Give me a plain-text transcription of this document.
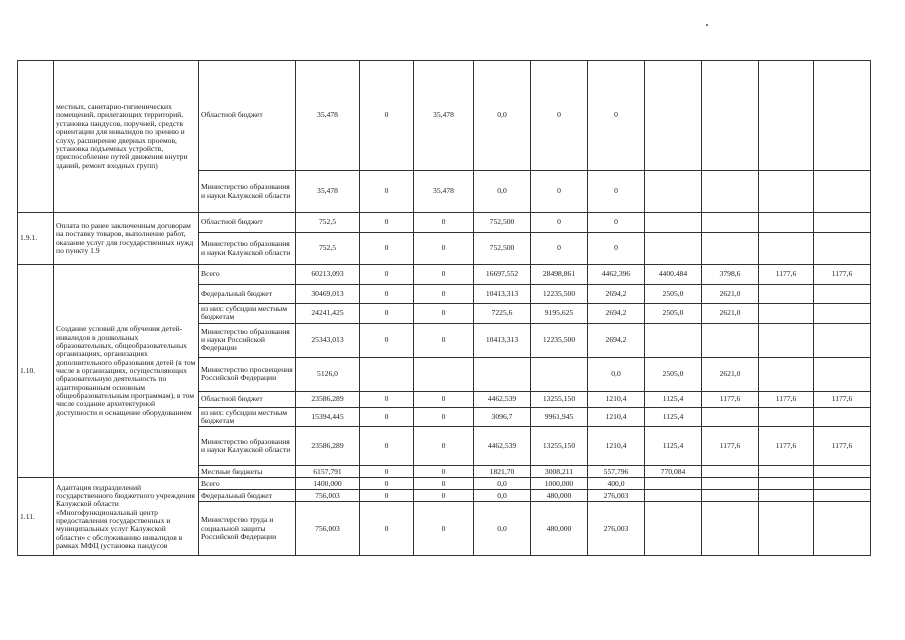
	местных, санитарно-гигиенических помещений, прилегающих территорий, установка пандусов, поручней, средств ориентации для инвалидов по зрению и слуху, расширение дверных проемов, установка подъемных устройств, приспособление путей движения внутри зданий, ремонт входных групп)	Областной бюджет	35,478	0	35,478	0,0	0	0				
		Министерство образования и науки Калужской области	35,478	0	35,478	0,0	0	0				
1.9.1.	Оплата по ранее заключенным договорам на поставку товаров, выполнение работ, оказание услуг для государственных нужд по пункту 1.9	Областной бюджет	752,5	0	0	752,500	0	0				
		Министерство образования и науки Калужской области	752,5	0	0	752,500	0	0				
1.10.	Создание условий для обучения детей-инвалидов в дошкольных образовательных, общеобразовательных организациях, организациях дополнительного образования детей (в том числе в организациях, осуществляющих образовательную деятельность по адаптированным основным общеобразовательным программам), в том числе создание архитектурной доступности и оснащение оборудованием	Всего	60213,093	0	0	16697,552	28498,861	4462,396	4400,484	3798,6	1177,6	1177,6
		Федеральный бюджет	30469,013	0	0	10413,313	12235,500	2694,2	2505,0	2621,0		
		из них: субсидии местным бюджетам	24241,425	0	0	7225,6	9195,625	2694,2	2505,0	2621,0		
		Министерство образования и науки Российской Федерации	25343,013	0	0	10413,313	12235,500	2694,2				
		Министерство просвещения Российской Федерации	5126,0					0,0	2505,0	2621,0		
		Областной бюджет	23586,289	0	0	4462,539	13255,150	1210,4	1125,4	1177,6	1177,6	1177,6
		из них: субсидии местным бюджетам	15394,445	0	0	3096,7	9961,945	1210,4	1125,4			
		Министерство образования и науки Калужской области	23586,289	0	0	4462,539	13255,150	1210,4	1125,4	1177,6	1177,6	1177,6
		Местные бюджеты	6157,791	0	0	1821,70	3008,211	557,796	770,084			
1.11.	Адаптация подразделений государственного бюджетного учреждения Калужской области «Многофункциональный центр предоставления государственных и муниципальных услуг Калужской области» с обслуживанию инвалидов в рамках МФЦ (установка пандусов	Всего	1400,000	0	0	0,0	1000,000	400,0				
		Федеральный бюджет	756,003	0	0	0,0	480,000	276,003				
		Министерство труда и социальной защиты Российской Федерации	756,003	0	0	0,0	480,000	276,003				
